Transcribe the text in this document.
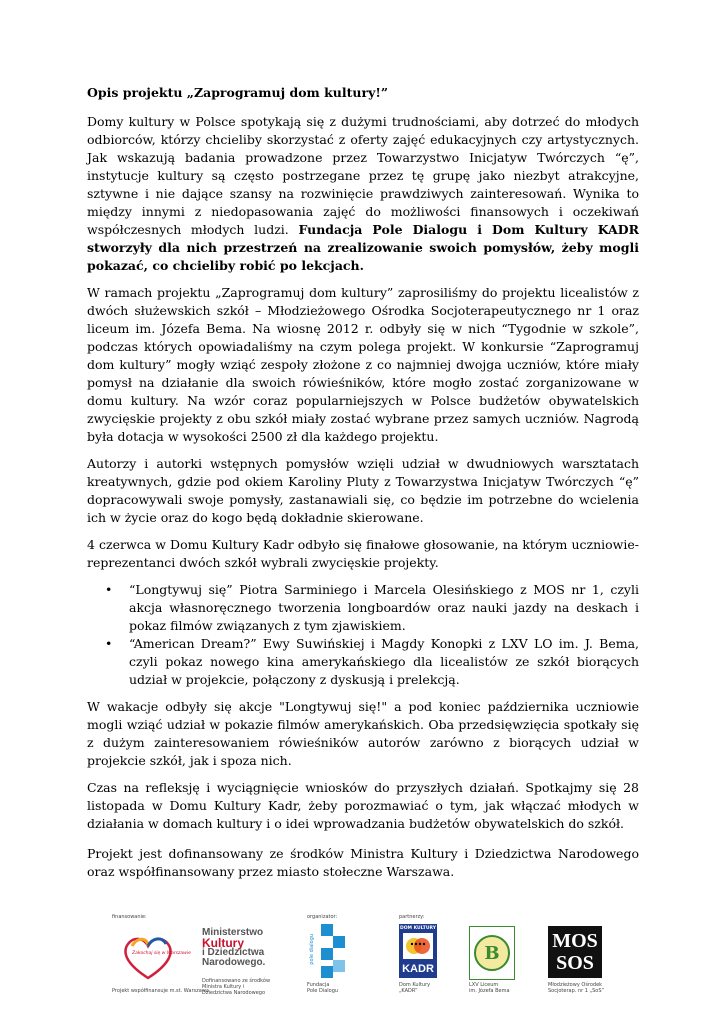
Opis projektu „Zaprogramuj dom kultury!”

Domy kultury w Polsce spotykają się z dużymi trudnościami, aby dotrzeć do młodych odbiorców, którzy chcieliby skorzystać z oferty zajęć edukacyjnych czy artystycznych. Jak wskazują badania prowadzone przez Towarzystwo Inicjatyw Twórczych “ę”, instytucje kultury są często postrzegane przez tę grupę jako niezbyt atrakcyjne, sztywne i nie dające szansy na rozwinięcie prawdziwych zainteresowań. Wynika to między innymi z niedopasowania zajęć do możliwości finansowych i oczekiwań współczesnych młodych ludzi. Fundacja Pole Dialogu i Dom Kultury KADR stworzyły dla nich przestrzeń na zrealizowanie swoich pomysłów, żeby mogli pokazać, co chcieliby robić po lekcjach.

W ramach projektu „Zaprogramuj dom kultury” zaprosiliśmy do projektu licealistów z dwóch służewskich szkół – Młodzieżowego Ośrodka Socjoterapeutycznego nr 1 oraz liceum im. Józefa Bema. Na wiosnę 2012 r. odbyły się w nich “Tygodnie w szkole”, podczas których opowiadaliśmy na czym polega projekt. W konkursie “Zaprogramuj dom kultury” mogły wziąć zespoły złożone z co najmniej dwojga uczniów, które miały pomysł na działanie dla swoich rówieśników, które mogło zostać zorganizowane w domu kultury. Na wzór coraz popularniejszych w Polsce budżetów obywatelskich zwycięskie projekty z obu szkół miały zostać wybrane przez samych uczniów. Nagrodą była dotacja w wysokości 2500 zł dla każdego projektu.

Autorzy i autorki wstępnych pomysłów wzięli udział w dwudniowych warsztatach kreatywnych, gdzie pod okiem Karoliny Pluty z Towarzystwa Inicjatyw Twórczych “ę” dopracowywali swoje pomysły, zastanawiali się, co będzie im potrzebne do wcielenia ich w życie oraz do kogo będą dokładnie skierowane.

4 czerwca w Domu Kultury Kadr odbyło się finałowe głosowanie, na którym uczniowie-reprezentanci dwóch szkół wybrali zwycięskie projekty.

• “Longtywuj się” Piotra Sarminiego i Marcela Olesińskiego z MOS nr 1, czyli akcja własnoręcznego tworzenia longboardów oraz nauki jazdy na deskach i pokaz filmów związanych z tym zjawiskiem.
• “American Dream?” Ewy Suwińskiej i Magdy Konopki z LXV LO im. J. Bema, czyli pokaz nowego kina amerykańskiego dla licealistów ze szkół biorących udział w projekcie, połączony z dyskusją i prelekcją.

W wakacje odbyły się akcje "Longtywuj się!" a pod koniec października uczniowie mogli wziąć udział w pokazie filmów amerykańskich. Oba przedsięwzięcia spotkały się z dużym zainteresowaniem rówieśników autorów zarówno z biorących udział w projekcie szkół, jak i spoza nich.

Czas na refleksję i wyciągnięcie wniosków do przyszłych działań. Spotkajmy się 28 listopada w Domu Kultury Kadr, żeby porozmawiać o tym, jak włączać młodych w działania w domach kultury i o idei wprowadzania budżetów obywatelskich do szkół.

Projekt jest dofinansowany ze środków Ministra Kultury i Dziedzictwa Narodowego oraz współfinansowany przez miasto stołeczne Warszawa.

finansowanie:	organizator:	partnerzy:
Zakochaj się w Warszawie
Projekt współfinansuje m.st. Warszawa
Ministerstwo
Kultury
i Dziedzictwa
Narodowego.
Dofinansowano ze środków
Ministra Kultury i
Dziedzictwa Narodowego
pole dialogu
Fundacja
Pole Dialogu
DOM KULTURY
KADR
Dom Kultury
„KADR”
B
LXV Liceum
im. Józefa Bema
MOS
SOS
Młodzieżowy Ośrodek
Socjoterap. nr 1 „SoS”
